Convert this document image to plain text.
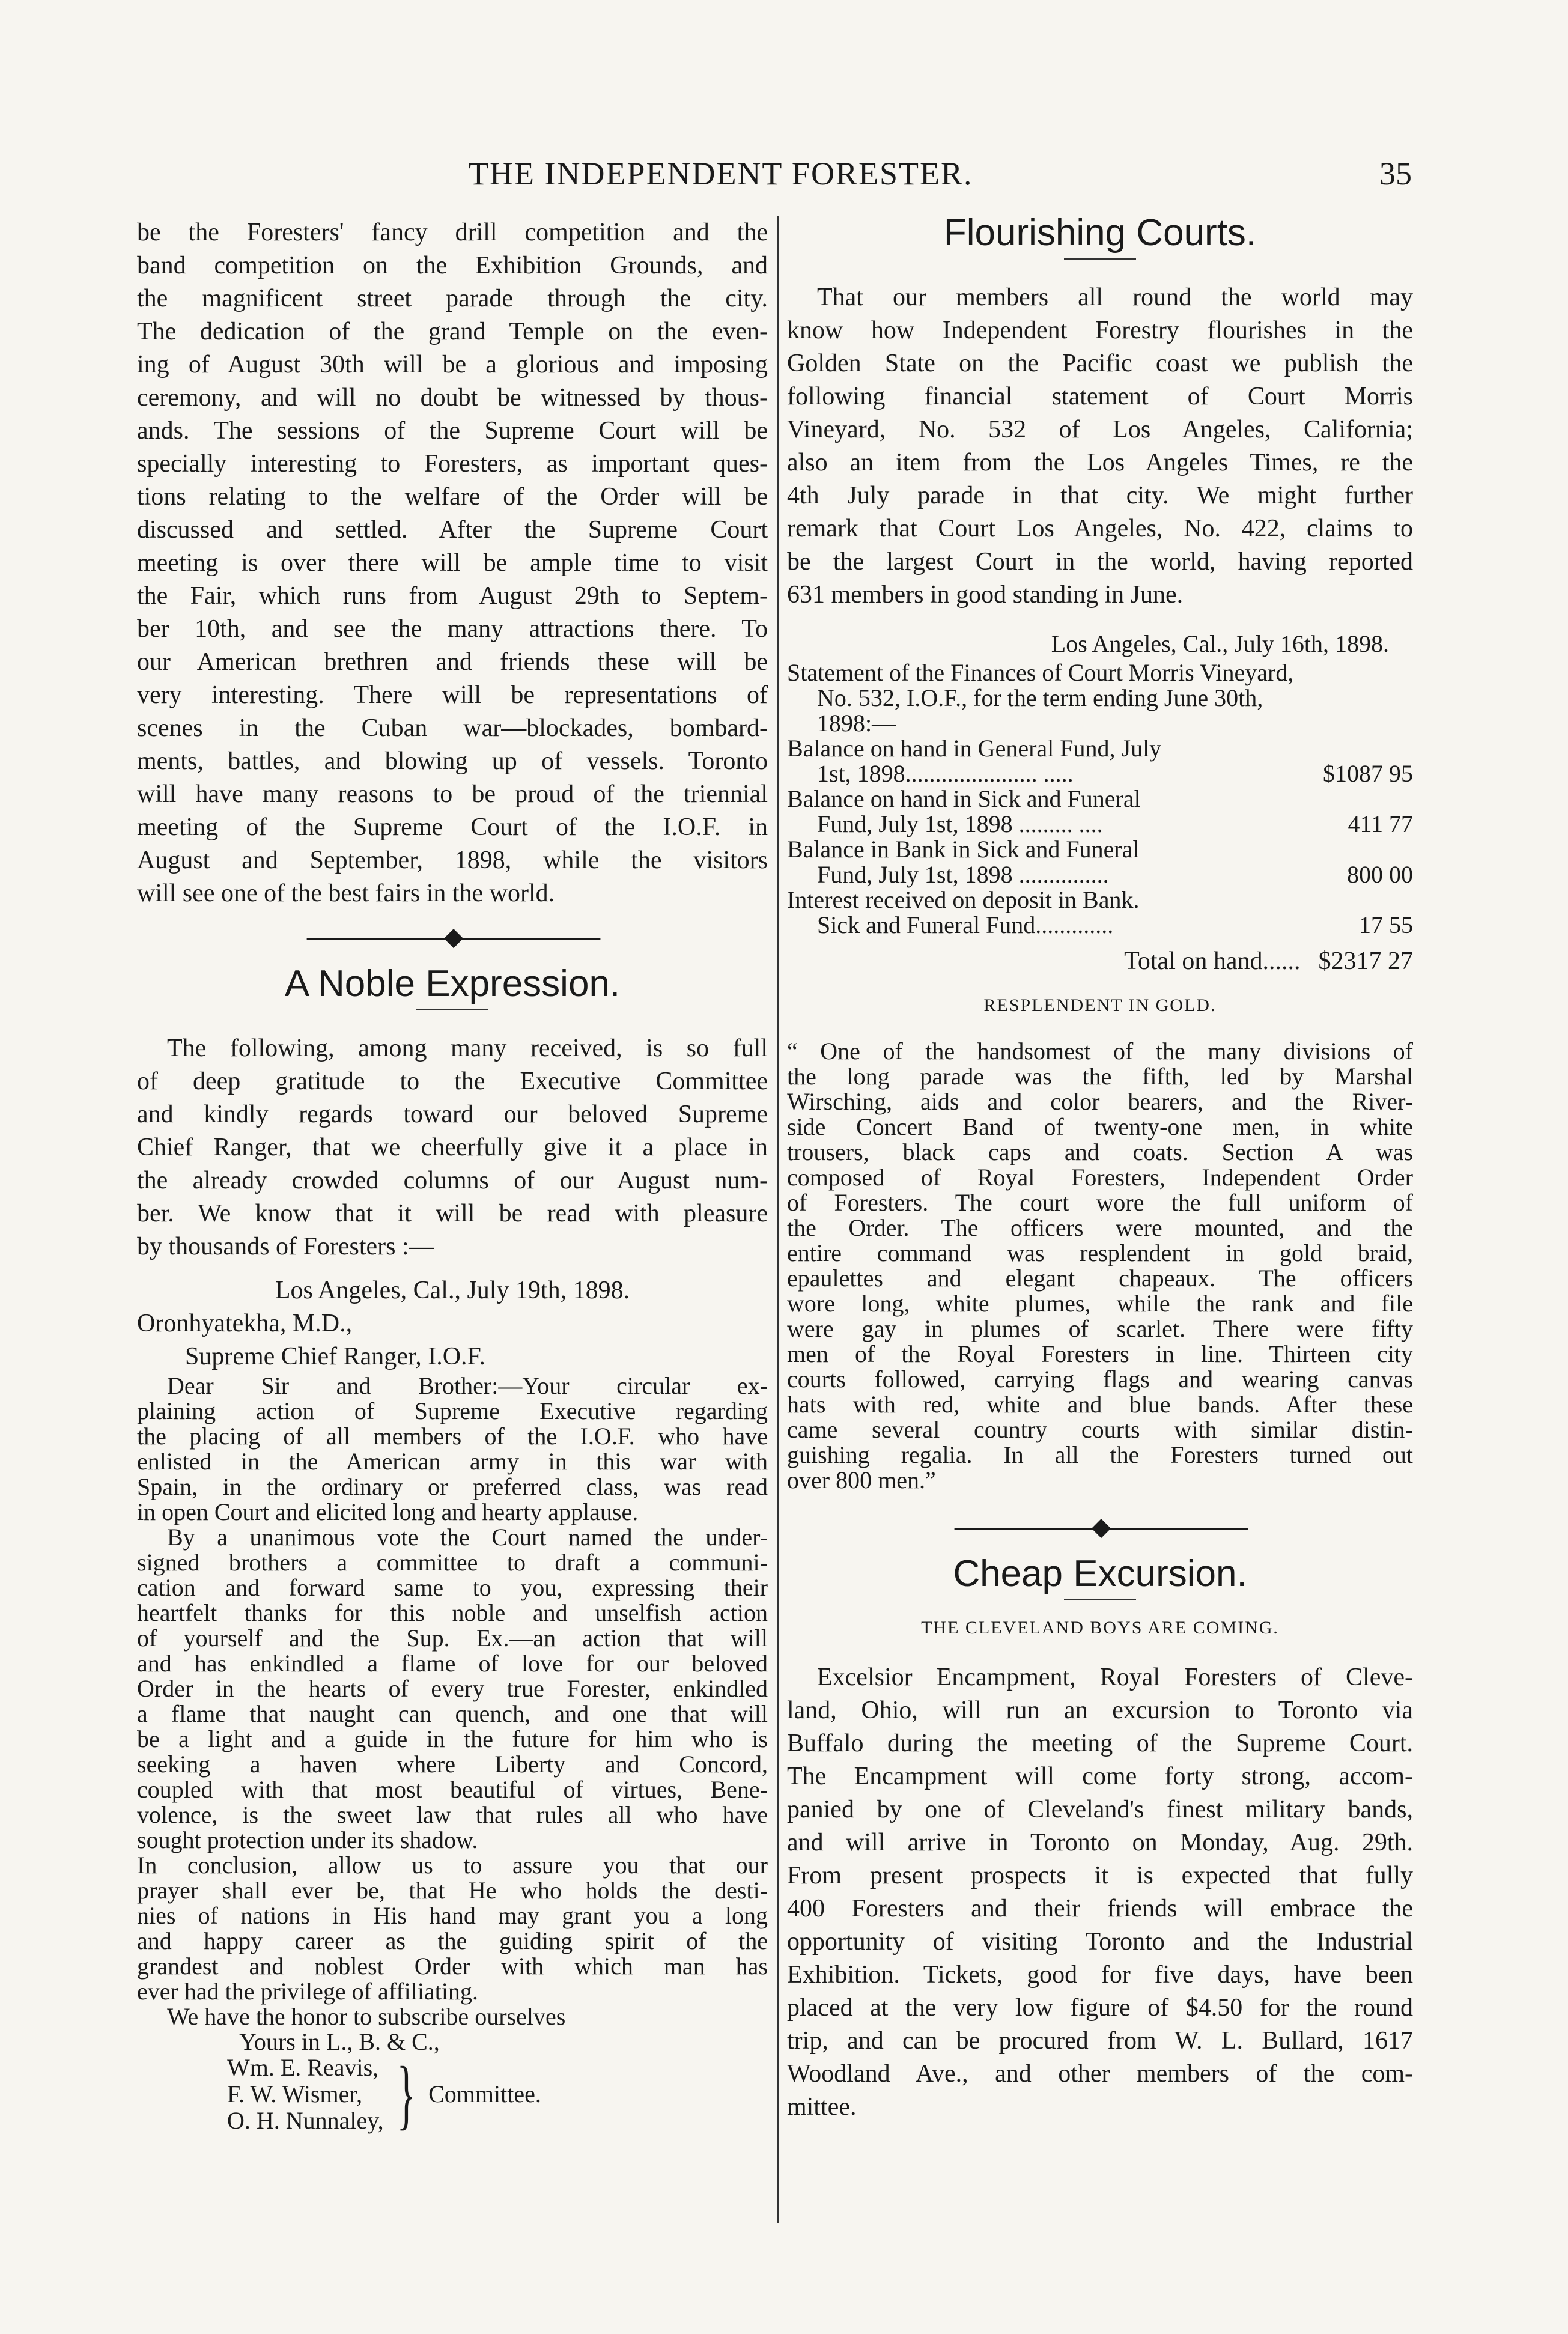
THE INDEPENDENT FORESTER.	35

be the Foresters' fancy drill competition and the

band competition on the Exhibition Grounds, and

the magnificent street parade through the city.

The dedication of the grand Temple on the even-

ing of August 30th will be a glorious and imposing

ceremony, and will no doubt be witnessed by thous-

ands. The sessions of the Supreme Court will be

specially interesting to Foresters, as important ques-

tions relating to the welfare of the Order will be

discussed and settled. After the Supreme Court

meeting is over there will be ample time to visit

the Fair, which runs from August 29th to Septem-

ber 10th, and see the many attractions there. To

our American brethren and friends these will be

very interesting. There will be representations of

scenes in the Cuban war—blockades, bombard-

ments, battles, and blowing up of vessels. Toronto

will have many reasons to be proud of the triennial

meeting of the Supreme Court of the I.O.F. in

August and September, 1898, while the visitors

will see one of the best fairs in the world.

——————◆——————
A Noble Expression.

The following, among many received, is so full

of deep gratitude to the Executive Committee

and kindly regards toward our beloved Supreme

Chief Ranger, that we cheerfully give it a place in

the already crowded columns of our August num-

ber. We know that it will be read with pleasure

by thousands of Foresters :—

Los Angeles, Cal., July 19th, 1898.

Oronhyatekha, M.D.,

Supreme Chief Ranger, I.O.F.

Dear Sir and Brother:—Your circular ex-

plaining action of Supreme Executive regarding

the placing of all members of the I.O.F. who have

enlisted in the American army in this war with

Spain, in the ordinary or preferred class, was read

in open Court and elicited long and hearty applause.

By a unanimous vote the Court named the under-

signed brothers a committee to draft a communi-

cation and forward same to you, expressing their

heartfelt thanks for this noble and unselfish action

of yourself and the Sup. Ex.—an action that will

and has enkindled a flame of love for our beloved

Order in the hearts of every true Forester, enkindled

a flame that naught can quench, and one that will

be a light and a guide in the future for him who is

seeking a haven where Liberty and Concord,

coupled with that most beautiful of virtues, Bene-

volence, is the sweet law that rules all who have

sought protection under its shadow.

In conclusion, allow us to assure you that our

prayer shall ever be, that He who holds the desti-

nies of nations in His hand may grant you a long

and happy career as the guiding spirit of the

grandest and noblest Order with which man has

ever had the privilege of affiliating.

We have the honor to subscribe ourselves

Yours in L., B. & C.,

Wm. E. Reavis,
F. W. Wismer,
O. H. Nunnaley, } Committee.
Flourishing Courts.

That our members all round the world may

know how Independent Forestry flourishes in the

Golden State on the Pacific coast we publish the

following financial statement of Court Morris

Vineyard, No. 532 of Los Angeles, California;

also an item from the Los Angeles Times, re the

4th July parade in that city. We might further

remark that Court Los Angeles, No. 422, claims to

be the largest Court in the world, having reported

631 members in good standing in June.

Los Angeles, Cal., July 16th, 1898.

Statement of the Finances of Court Morris Vineyard,

No. 532, I.O.F., for the term ending June 30th,

1898:—

Balance on hand in General Fund, July
1st, 1898...................... .....	$1087 95
Balance on hand in Sick and Funeral
Fund, July 1st, 1898 ......... ....	411 77
Balance in Bank in Sick and Funeral
Fund, July 1st, 1898 ...............	800 00
Interest received on deposit in Bank.
Sick and Funeral Fund.............	17 55
Total on hand...... $2317 27
RESPLENDENT IN GOLD.

“ One of the handsomest of the many divisions of

the long parade was the fifth, led by Marshal

Wirsching, aids and color bearers, and the River-

side Concert Band of twenty-one men, in white

trousers, black caps and coats. Section A was

composed of Royal Foresters, Independent Order

of Foresters. The court wore the full uniform of

the Order. The officers were mounted, and the

entire command was resplendent in gold braid,

epaulettes and elegant chapeaux. The officers

wore long, white plumes, while the rank and file

were gay in plumes of scarlet. There were fifty

men of the Royal Foresters in line. Thirteen city

courts followed, carrying flags and wearing canvas

hats with red, white and blue bands. After these

came several country courts with similar distin-

guishing regalia. In all the Foresters turned out

over 800 men.”

——————◆——————
Cheap Excursion.
THE CLEVELAND BOYS ARE COMING.

Excelsior Encampment, Royal Foresters of Cleve-

land, Ohio, will run an excursion to Toronto via

Buffalo during the meeting of the Supreme Court.

The Encampment will come forty strong, accom-

panied by one of Cleveland's finest military bands,

and will arrive in Toronto on Monday, Aug. 29th.

From present prospects it is expected that fully

400 Foresters and their friends will embrace the

opportunity of visiting Toronto and the Industrial

Exhibition. Tickets, good for five days, have been

placed at the very low figure of $4.50 for the round

trip, and can be procured from W. L. Bullard, 1617

Woodland Ave., and other members of the com-

mittee.
